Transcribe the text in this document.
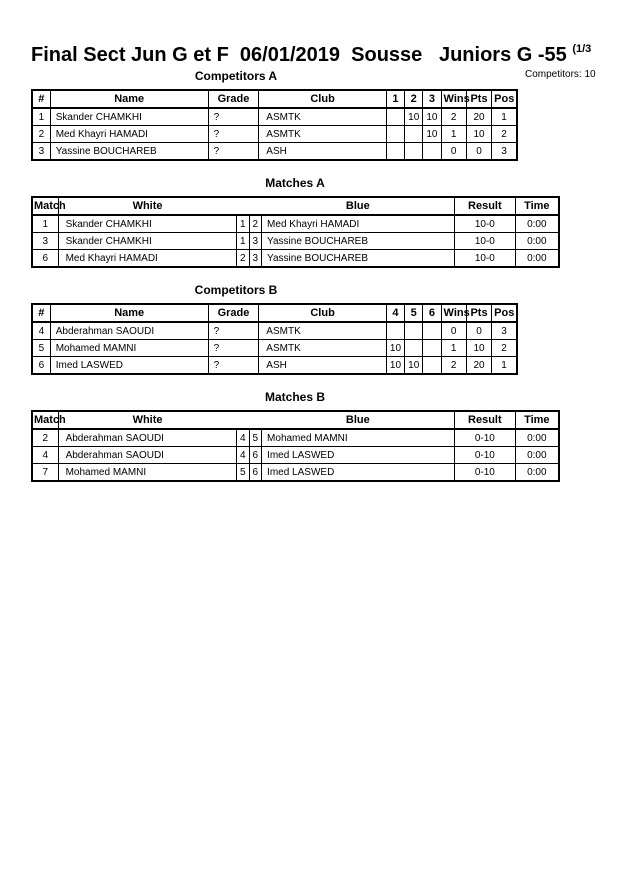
Final Sect Jun G et F  06/01/2019  Sousse   Juniors G -55 $^{(1/3}$
Competitors: 10
Competitors A
#	Name	Grade	Club	1	2	3	Wins	Pts	Pos
1	Skander CHAMKHI	?	ASMTK		10	10	2	20	1
2	Med Khayri HAMADI	?	ASMTK			10	1	10	2
3	Yassine BOUCHAREB	?	ASH				0	0	3
Matches A
Match	White			Blue	Result	Time
1	Skander CHAMKHI	1	2	Med Khayri HAMADI	10-0	0:00
3	Skander CHAMKHI	1	3	Yassine BOUCHAREB	10-0	0:00
6	Med Khayri HAMADI	2	3	Yassine BOUCHAREB	10-0	0:00
Competitors B
#	Name	Grade	Club	4	5	6	Wins	Pts	Pos
4	Abderahman SAOUDI	?	ASMTK				0	0	3
5	Mohamed MAMNI	?	ASMTK	10			1	10	2
6	Imed LASWED	?	ASH	10	10		2	20	1
Matches B
Match	White			Blue	Result	Time
2	Abderahman SAOUDI	4	5	Mohamed MAMNI	0-10	0:00
4	Abderahman SAOUDI	4	6	Imed LASWED	0-10	0:00
7	Mohamed MAMNI	5	6	Imed LASWED	0-10	0:00
